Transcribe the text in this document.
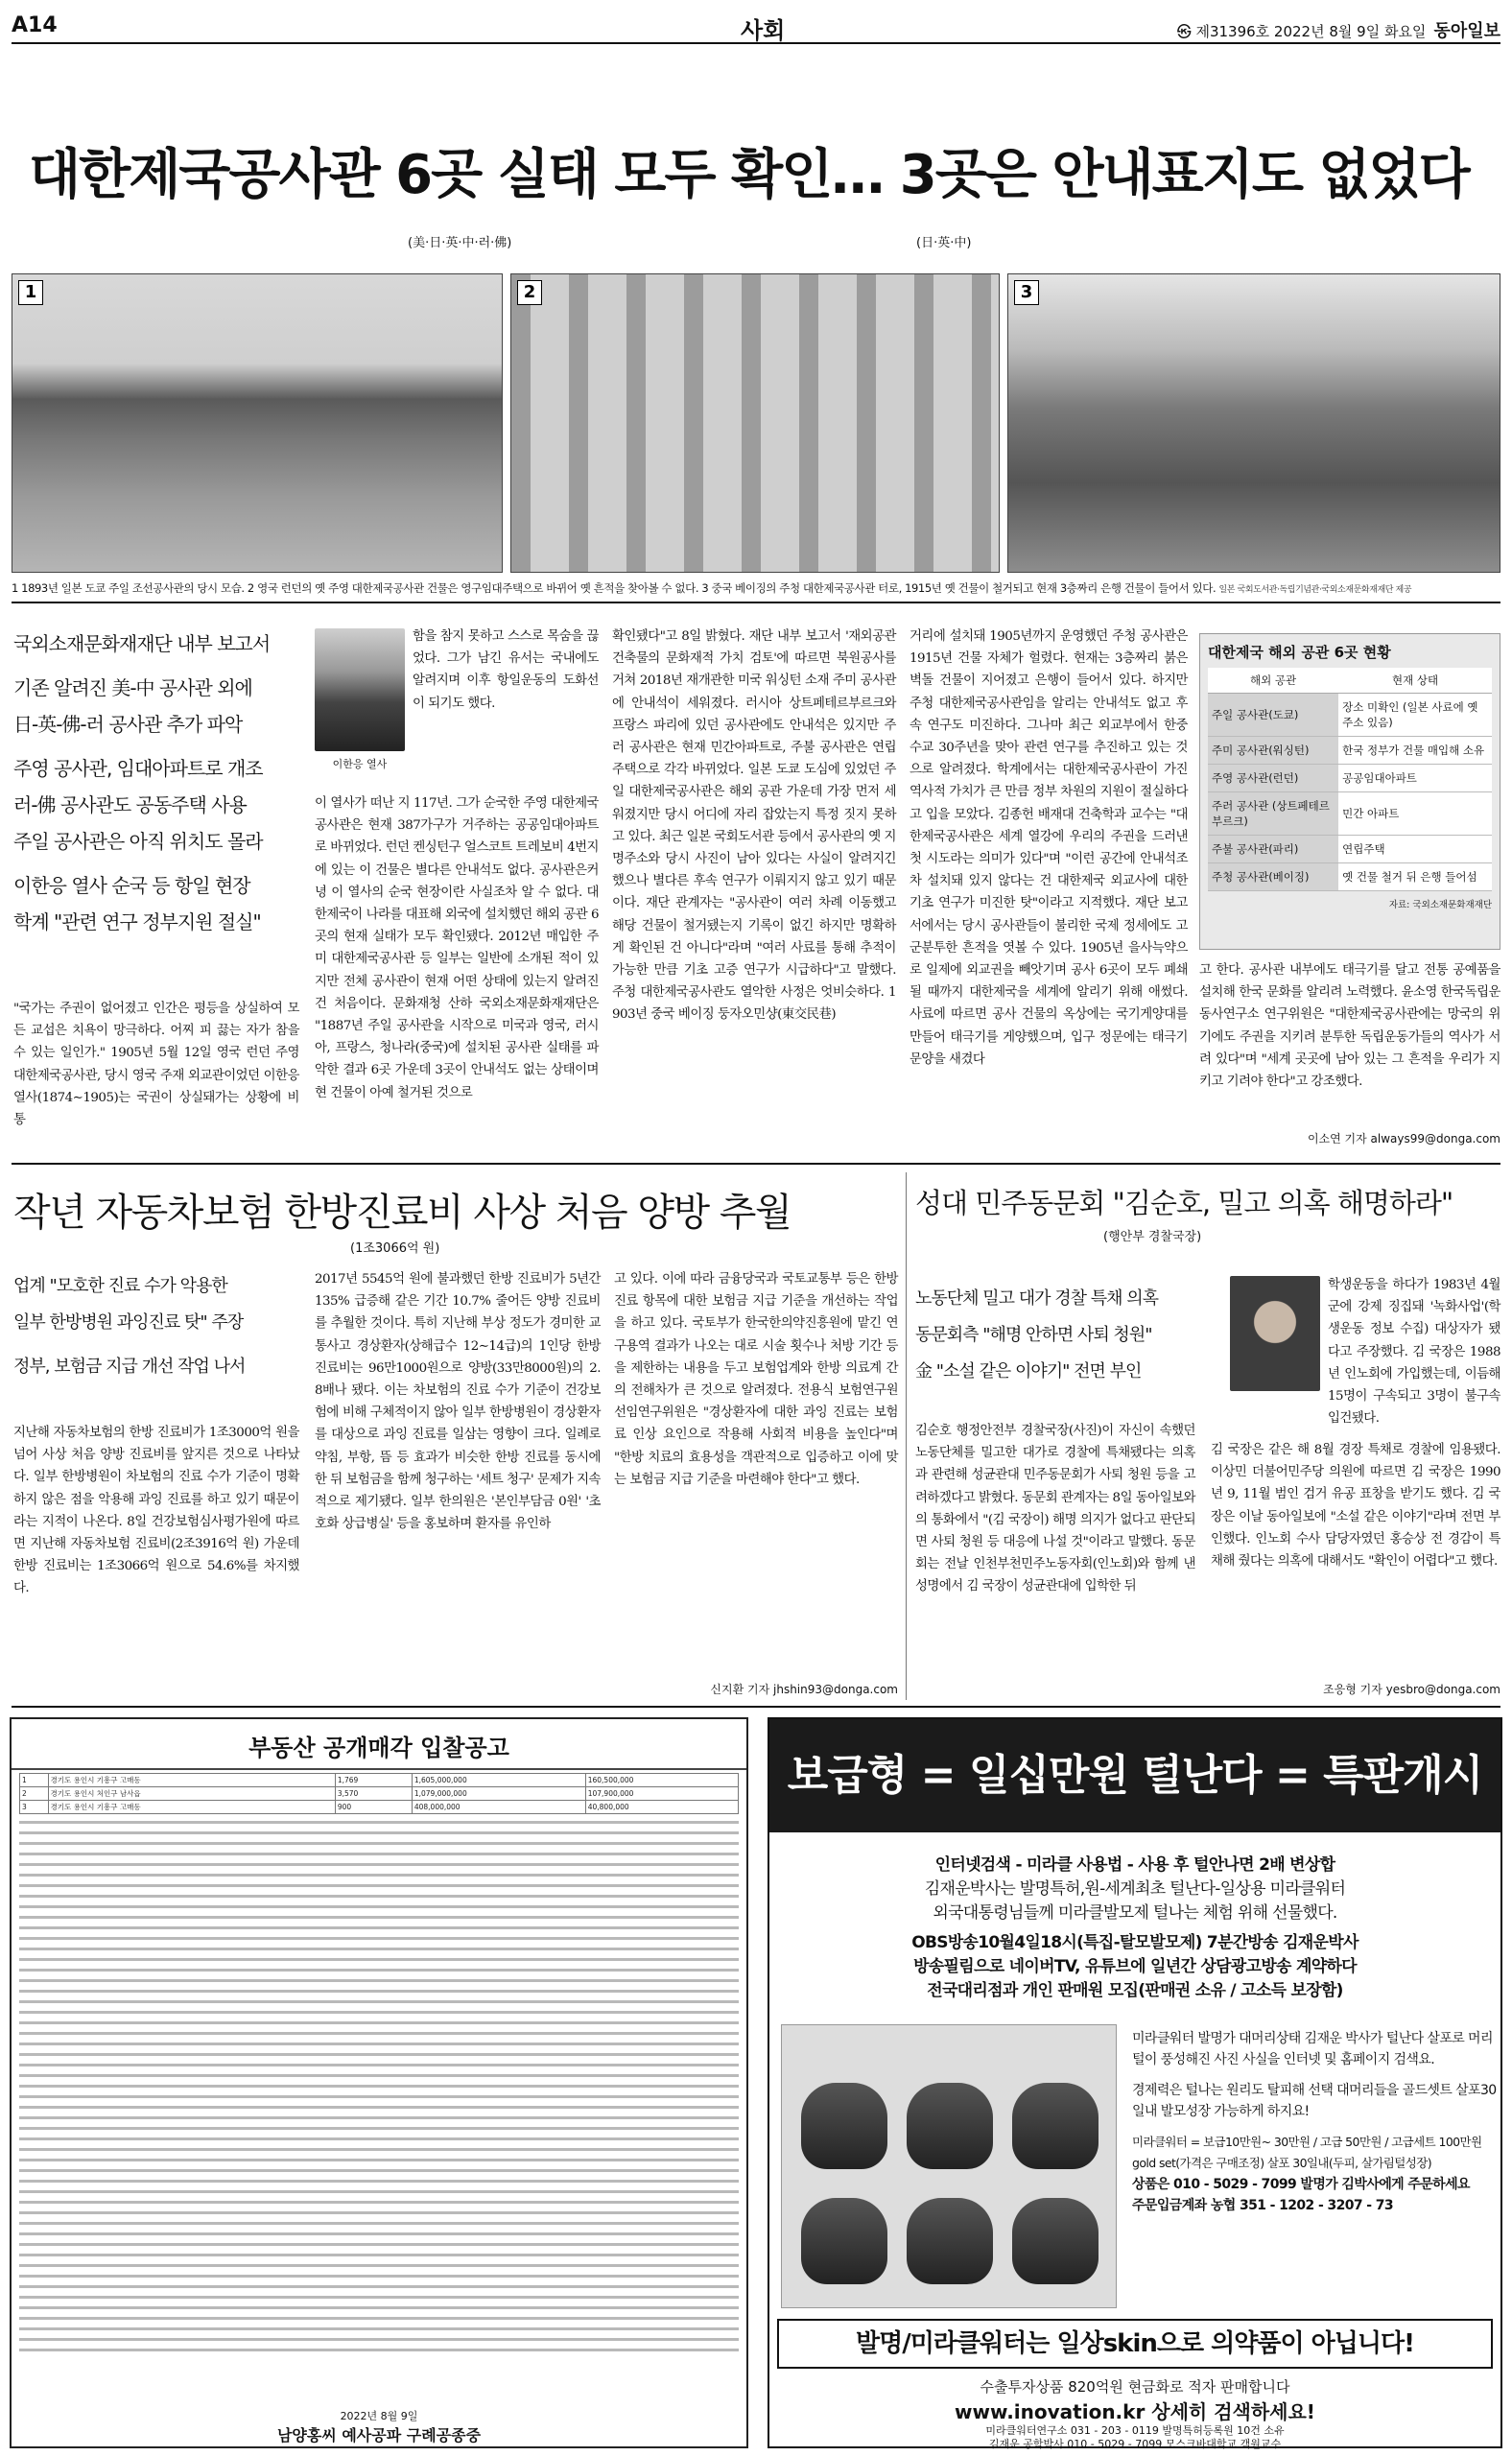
A14	사회	㉿ 제31396호 2022년 8월 9일 화요일 동아일보
대한제국공사관 6곳 실태 모두 확인… 3곳은 안내표지도 없었다
(美·日·英·中·러·佛)	(日·英·中)
1	2	3
1 1893년 일본 도쿄 주일 조선공사관의 당시 모습. 2 영국 런던의 옛 주영 대한제국공사관 건물은 영구임대주택으로 바뀌어 옛 흔적을 찾아볼 수 없다. 3 중국 베이징의 주청 대한제국공사관 터로, 1915년 옛 건물이 철거되고 현재 3층짜리 은행 건물이 들어서 있다. 일본 국회도서관·독립기념관·국외소재문화재재단 제공
국외소재문화재재단 내부 보고서
기존 알려진 美-中 공사관 외에
日-英-佛-러 공사관 추가 파악
주영 공사관, 임대아파트로 개조
러-佛 공사관도 공동주택 사용
주일 공사관은 아직 위치도 몰라
이한응 열사 순국 등 항일 현장
학계 "관련 연구 정부지원 절실"
"국가는 주권이 없어졌고 인간은 평등을 상실하여 모든 교섭은 치욕이 망극하다. 어찌 피 끓는 자가 참을 수 있는 일인가." 1905년 5월 12일 영국 런던 주영 대한제국공사관, 당시 영국 주재 외교관이었던 이한응 열사(1874∼1905)는 국권이 상실돼가는 상황에 비통
이한응 열사
함을 참지 못하고 스스로 목숨을 끊었다. 그가 남긴 유서는 국내에도 알려지며 이후 항일운동의 도화선이 되기도 했다.
이 열사가 떠난 지 117년. 그가 순국한 주영 대한제국공사관은 현재 387가구가 거주하는 공공임대아파트로 바뀌었다. 런던 켄싱턴구 얼스코트 트레보비 4번지에 있는 이 건물은 별다른 안내석도 없다. 공사관은커녕 이 열사의 순국 현장이란 사실조차 알 수 없다. 대한제국이 나라를 대표해 외국에 설치했던 해외 공관 6곳의 현재 실태가 모두 확인됐다. 2012년 매입한 주미 대한제국공사관 등 일부는 일반에 소개된 적이 있지만 전체 공사관이 현재 어떤 상태에 있는지 알려진 건 처음이다. 문화재청 산하 국외소재문화재재단은 "1887년 주일 공사관을 시작으로 미국과 영국, 러시아, 프랑스, 청나라(중국)에 설치된 공사관 실태를 파악한 결과 6곳 가운데 3곳이 안내석도 없는 상태이며 현 건물이 아예 철거된 것으로
확인됐다"고 8일 밝혔다. 재단 내부 보고서 '재외공관 건축물의 문화재적 가치 검토'에 따르면 북원공사를 거쳐 2018년 재개관한 미국 워싱턴 소재 주미 공사관에 안내석이 세워졌다. 러시아 상트페테르부르크와 프랑스 파리에 있던 공사관에도 안내석은 있지만 주러 공사관은 현재 민간아파트로, 주불 공사관은 연립주택으로 각각 바뀌었다. 일본 도쿄 도심에 있었던 주일 대한제국공사관은 해외 공관 가운데 가장 먼저 세워졌지만 당시 어디에 자리 잡았는지 특정 짓지 못하고 있다. 최근 일본 국회도서관 등에서 공사관의 옛 지명주소와 당시 사진이 남아 있다는 사실이 알려지긴 했으나 별다른 후속 연구가 이뤄지지 않고 있기 때문이다. 재단 관계자는 "공사관이 여러 차례 이동했고 해당 건물이 철거됐는지 기록이 없긴 하지만 명확하게 확인된 건 아니다"라며 "여러 사료를 통해 추적이 가능한 만큼 기초 고증 연구가 시급하다"고 말했다. 주청 대한제국공사관도 열악한 사정은 엇비슷하다. 1903년 중국 베이징 둥자오민샹(東交民巷)
거리에 설치돼 1905년까지 운영했던 주청 공사관은 1915년 건물 자체가 헐렸다. 현재는 3층짜리 붉은 벽돌 건물이 지어졌고 은행이 들어서 있다. 하지만 주청 대한제국공사관임을 알리는 안내석도 없고 후속 연구도 미진하다. 그나마 최근 외교부에서 한중 수교 30주년을 맞아 관련 연구를 추진하고 있는 것으로 알려졌다. 학계에서는 대한제국공사관이 가진 역사적 가치가 큰 만큼 정부 차원의 지원이 절실하다고 입을 모았다. 김종헌 배재대 건축학과 교수는 "대한제국공사관은 세계 열강에 우리의 주권을 드러낸 첫 시도라는 의미가 있다"며 "이런 공간에 안내석조차 설치돼 있지 않다는 건 대한제국 외교사에 대한 기초 연구가 미진한 탓"이라고 지적했다. 재단 보고서에서는 당시 공사관들이 불리한 국제 정세에도 고군분투한 흔적을 엿볼 수 있다. 1905년 을사늑약으로 일제에 외교권을 빼앗기며 공사 6곳이 모두 폐쇄될 때까지 대한제국을 세계에 알리기 위해 애썼다. 사료에 따르면 공사 건물의 옥상에는 국기게양대를 만들어 태극기를 게양했으며, 입구 정문에는 태극기 문양을 새겼다
대한제국 해외 공관 6곳 현황
해외 공관	현재 상태
주일 공사관(도쿄)	장소 미확인 (일본 사료에 옛 주소 있음)
주미 공사관(워싱턴)	한국 정부가 건물 매입해 소유
주영 공사관(런던)	공공임대아파트
주러 공사관 (상트페테르부르크)	민간 아파트
주불 공사관(파리)	연립주택
주청 공사관(베이징)	옛 건물 철거 뒤 은행 들어섬
자료: 국외소재문화재재단
고 한다. 공사관 내부에도 태극기를 달고 전통 공예품을 설치해 한국 문화를 알리려 노력했다. 윤소영 한국독립운동사연구소 연구위원은 "대한제국공사관에는 망국의 위기에도 주권을 지키려 분투한 독립운동가들의 역사가 서려 있다"며 "세계 곳곳에 남아 있는 그 흔적을 우리가 지키고 기려야 한다"고 강조했다.
이소연 기자 always99@donga.com
작년 자동차보험 한방진료비 사상 처음 양방 추월
(1조3066억 원)
업계 "모호한 진료 수가 악용한
일부 한방병원 과잉진료 탓" 주장
정부, 보험금 지급 개선 작업 나서
지난해 자동차보험의 한방 진료비가 1조3000억 원을 넘어 사상 처음 양방 진료비를 앞지른 것으로 나타났다. 일부 한방병원이 차보험의 진료 수가 기준이 명확하지 않은 점을 악용해 과잉 진료를 하고 있기 때문이라는 지적이 나온다. 8일 건강보험심사평가원에 따르면 지난해 자동차보험 진료비(2조3916억 원) 가운데 한방 진료비는 1조3066억 원으로 54.6%를 차지했다.
2017년 5545억 원에 불과했던 한방 진료비가 5년간 135% 급증해 같은 기간 10.7% 줄어든 양방 진료비를 추월한 것이다. 특히 지난해 부상 정도가 경미한 교통사고 경상환자(상해급수 12∼14급)의 1인당 한방 진료비는 96만1000원으로 양방(33만8000원)의 2.8배나 됐다. 이는 차보험의 진료 수가 기준이 건강보험에 비해 구체적이지 않아 일부 한방병원이 경상환자를 대상으로 과잉 진료를 일삼는 영향이 크다. 일례로 약침, 부항, 뜸 등 효과가 비슷한 한방 진료를 동시에 한 뒤 보험금을 함께 청구하는 '세트 청구' 문제가 지속적으로 제기됐다. 일부 한의원은 '본인부담금 0원' '초호화 상급병실' 등을 홍보하며 환자를 유인하
고 있다. 이에 따라 금융당국과 국토교통부 등은 한방 진료 항목에 대한 보험금 지급 기준을 개선하는 작업을 하고 있다. 국토부가 한국한의약진흥원에 맡긴 연구용역 결과가 나오는 대로 시술 횟수나 처방 기간 등을 제한하는 내용을 두고 보험업계와 한방 의료계 간의 전해차가 큰 것으로 알려졌다. 전용식 보험연구원 선임연구위원은 "경상환자에 대한 과잉 진료는 보험료 인상 요인으로 작용해 사회적 비용을 높인다"며 "한방 치료의 효용성을 객관적으로 입증하고 이에 맞는 보험금 지급 기준을 마련해야 한다"고 했다.
신지환 기자 jhshin93@donga.com
성대 민주동문회 "김순호, 밀고 의혹 해명하라"
(행안부 경찰국장)
노동단체 밀고 대가 경찰 특채 의혹
동문회측 "해명 안하면 사퇴 청원"
金 "소설 같은 이야기" 전면 부인
학생운동을 하다가 1983년 4월 군에 강제 징집돼 '녹화사업'(학생운동 정보 수집) 대상자가 됐다고 주장했다. 김 국장은 1988년 인노회에 가입했는데, 이듬해 15명이 구속되고 3명이 불구속 입건됐다.
김순호 행정안전부 경찰국장(사진)이 자신이 속했던 노동단체를 밀고한 대가로 경찰에 특채됐다는 의혹과 관련해 성균관대 민주동문회가 사퇴 청원 등을 고려하겠다고 밝혔다. 동문회 관계자는 8일 동아일보와의 통화에서 "(김 국장이) 해명 의지가 없다고 판단되면 사퇴 청원 등 대응에 나설 것"이라고 말했다. 동문회는 전날 인천부천민주노동자회(인노회)와 함께 낸 성명에서 김 국장이 성균관대에 입학한 뒤
김 국장은 같은 해 8월 경장 특채로 경찰에 임용됐다. 이상민 더불어민주당 의원에 따르면 김 국장은 1990년 9, 11월 범인 검거 유공 표창을 받기도 했다. 김 국장은 이날 동아일보에 "소설 같은 이야기"라며 전면 부인했다. 인노회 수사 담당자였던 홍승상 전 경감이 특채해 줬다는 의혹에 대해서도 "확인이 어렵다"고 했다.
조응형 기자 yesbro@donga.com
부동산 공개매각 입찰공고
1	경기도 용인시 기흥구 고매동	1,769	1,605,000,000	160,500,000
2	경기도 용인시 처인구 남사읍	3,570	1,079,000,000	107,900,000
3	경기도 용인시 기흥구 고매동	900	408,000,000	40,800,000
2022년 8월 9일
남양홍씨 예사공파 구례공종중
보급형 = 일십만원 털난다 = 특판개시
인터넷검색 - 미라클 사용법 - 사용 후 털안나면 2배 변상합
김재운박사는 발명특허,원-세계최초 털난다-일상용 미라클워터
외국대통령님들께 미라클발모제 털나는 체험 위해 선물했다.
OBS방송10월4일18시(특집-탈모발모제) 7분간방송 김재운박사
방송필림으로 네이버TV, 유튜브에 일년간 상담광고방송 계약하다
전국대리점과 개인 판매원 모집(판매권 소유 / 고소득 보장함)
미라클워터 발명가 대머리상태 김재운 박사가 털난다 살포로 머리털이 풍성해진 사진 사실을 인터넷 및 홈페이지 검색요.
경제력은 털나는 원리도 탈피해 선택 대머리들을 골드셋트 살포30일내 발모성장 가능하게 하지요!
미라클워터 = 보급10만원~ 30만원 / 고급 50만원 / 고급세트 100만원
gold set(가격은 구매조정) 살포 30일내(두피, 살가림털성장)
상품은 010 - 5029 - 7099 발명가 김박사에게 주문하세요
주문입금계좌 농협 351 - 1202 - 3207 - 73
발명/미라클워터는 일상skin으로 의약품이 아닙니다!
수출투자상품 820억원 현금화로 적자 판매합니다
www.inovation.kr 상세히 검색하세요!
미라클워터연구소 031 - 203 - 0119 발명특허등록원 10건 소유
김재운 공학박사 010 - 5029 - 7099 모스크바대학교 객원교수
